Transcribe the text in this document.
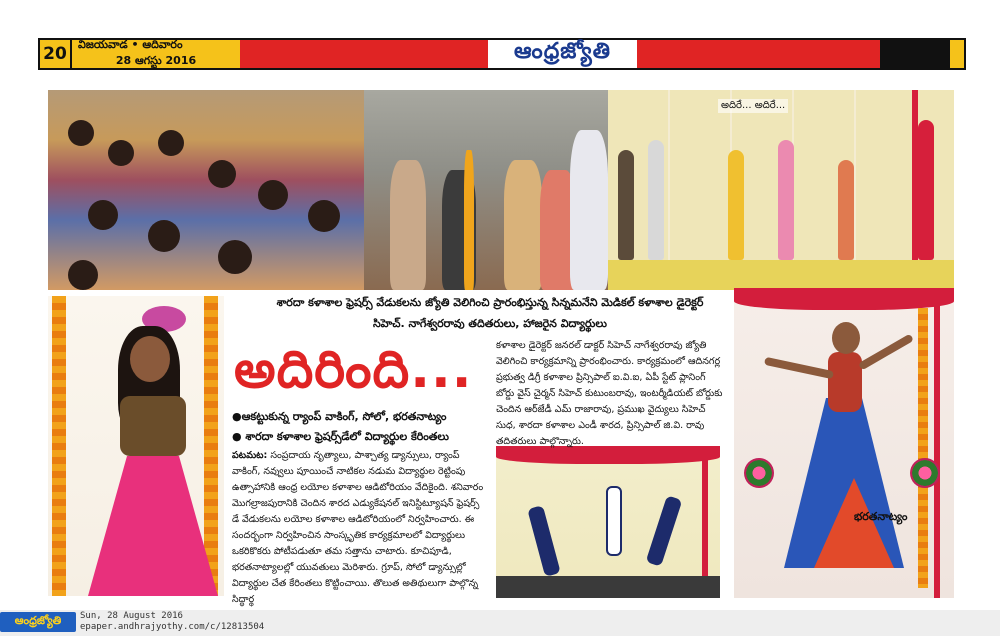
20	విజయవాడ • ఆదివారం
28 ఆగస్టు 2016	ఆంధ్రజ్యోతి
అదిరే... అదిరే...
శారదా కళాశాల ఫ్రెషర్స్ వేడుకలను జ్యోతి వెలిగించి ప్రారంభిస్తున్న సిన్నమనేని మెడికల్ కళాశాల డైరెక్టర్
సిహెచ్. నాగేశ్వరరావు తదితరులు, హాజరైన విద్యార్థులు
భరతనాట్యం
అదిరింది...
●ఆకట్టుకున్న ర్యాంప్ వాకింగ్, సోలో, భరతనాట్యం
● శారదా కళాశాల ఫ్రెషర్స్‌డేలో విద్యార్థుల కేరింతలు
పటమట: సంప్రదాయ నృత్యాలు, పాశ్చాత్య డ్యాన్సులు, ర్యాంప్ వాకింగ్, నవ్వులు పూయించే నాటికల నడుమ విద్యార్థుల రెట్టింపు ఉత్సాహానికి ఆంధ్ర లయోల కళాశాల ఆడిటోరియం వేదికైంది. శనివారం మొగల్రాజపురానికి చెందిన శారద ఎడ్యుకేషనల్ ఇనిస్టిట్యూషన్ ఫ్రెషర్స్ డే వేడుకలను లయోల కళాశాల ఆడిటోరియంలో నిర్వహించారు. ఈ సందర్భంగా నిర్వహించిన సాంస్కృతిక కార్యక్రమాలలో విద్యార్థులు ఒకరికొకరు పోటీపడుతూ తమ సత్తాను చాటారు. కూచిపూడి, భరతనాట్యాలల్లో యువతులు మెరిశారు. గ్రూప్, సోలో డ్యాన్సుల్లో విద్యార్థుల చేత కేరింతలు కొట్టించాయి. తొలుత అతిథులుగా పాల్గొన్న సిద్ధార్థ
కళాశాల డైరెక్టర్ జనరల్ డాక్టర్ సిహెచ్ నాగేశ్వరరావు జ్యోతి వెలిగించి కార్యక్రమాన్ని ప్రారంభించారు. కార్యక్రమంలో ఆదినగర్ల ప్రభుత్వ డిగ్రీ కళాశాల ప్రిన్సిపాల్ ఐ.వి.ఐ, ఏపీ స్టేట్ ప్లానింగ్ బోర్డు వైస్ చైర్మన్ సిహెచ్ కుటుంబరావు, ఇంటర్మీడియట్ బోర్డుకు చెందిన ఆర్‌జేడీ ఎమ్ రాజారావు, ప్రముఖ వైద్యులు సిహెచ్ సుధ, శారదా కళాశాల ఎండీ శారద, ప్రిన్సిపాల్ జి.వి. రావు తదితరులు పాల్గొన్నారు.
ఆంధ్రజ్యోతి	Sun, 28 August 2016
epaper.andhrajyothy.com/c/12813504
